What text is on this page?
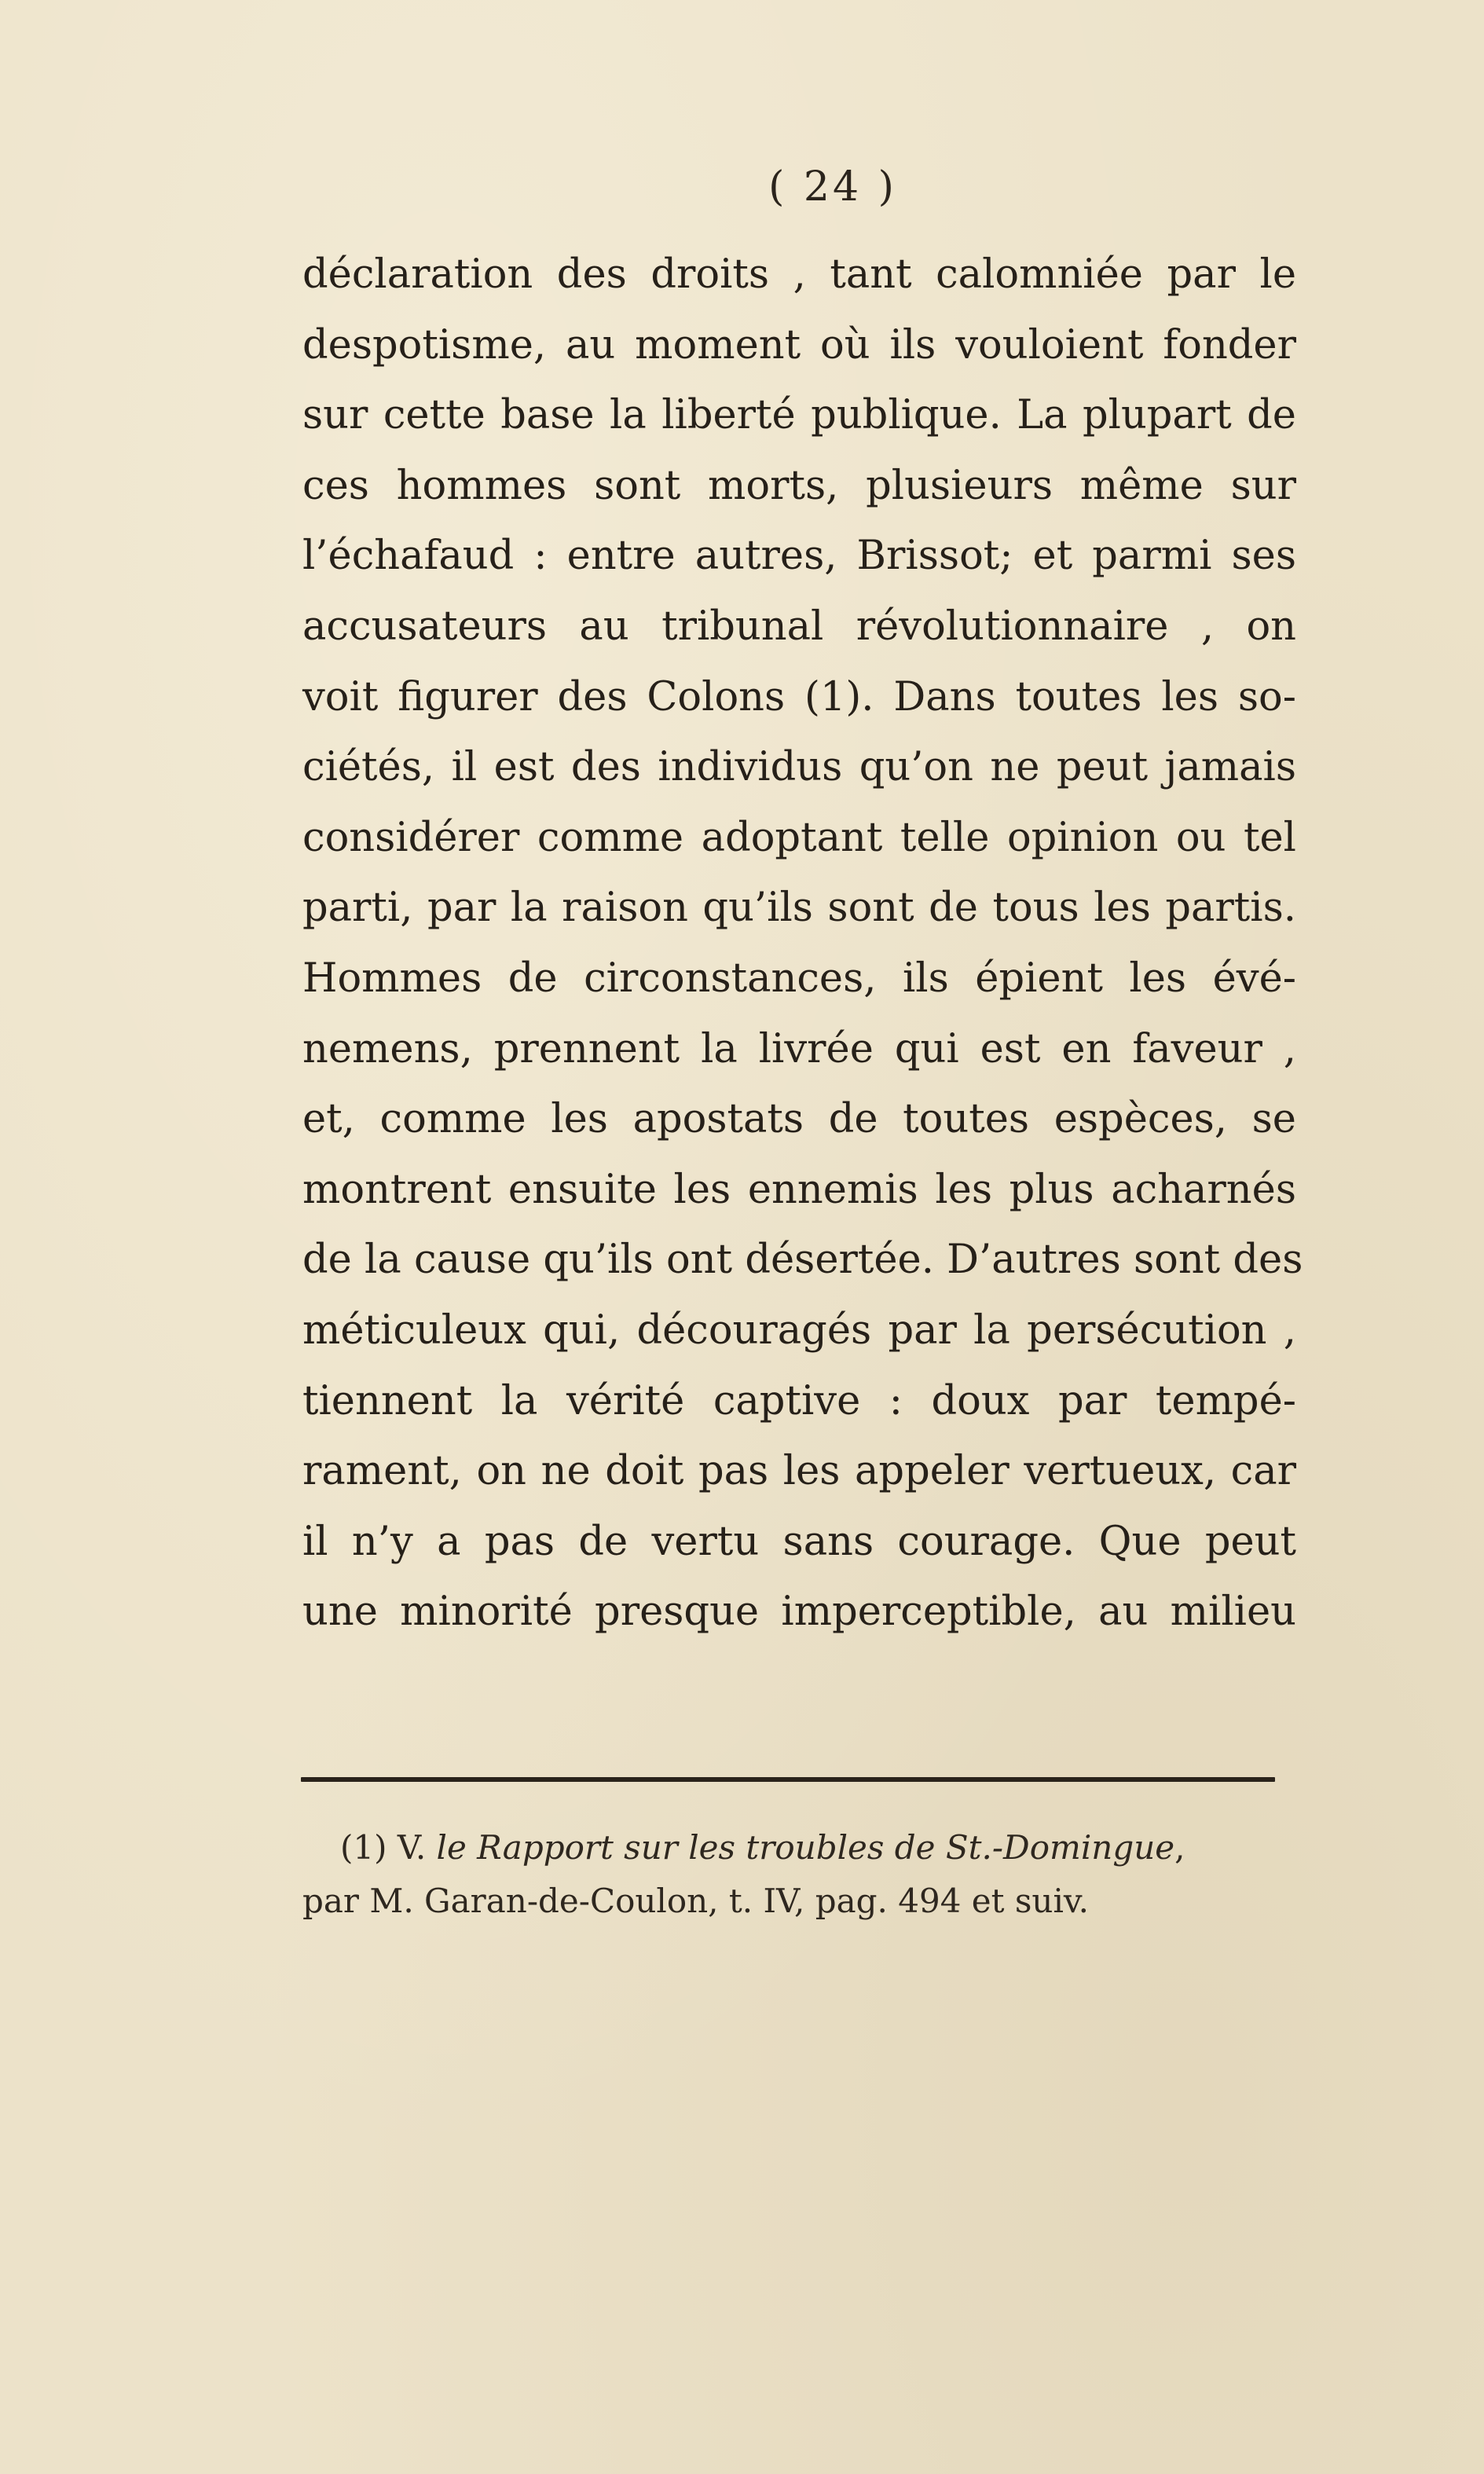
( 24 )
déclaration des droits , tant calomniée par le
despotisme, au moment où ils vouloient fonder
sur cette base la liberté publique. La plupart de
ces hommes sont morts, plusieurs même sur
l’échafaud : entre autres, Brissot; et parmi ses
accusateurs au tribunal révolutionnaire , on
voit figurer des Colons (1). Dans toutes les so-
ciétés, il est des individus qu’on ne peut jamais
considérer comme adoptant telle opinion ou tel
parti, par la raison qu’ils sont de tous les partis.
Hommes de circonstances, ils épient les évé-
nemens, prennent la livrée qui est en faveur ,
et, comme les apostats de toutes espèces, se
montrent ensuite les ennemis les plus acharnés
de la cause qu’ils ont désertée. D’autres sont des
méticuleux qui, découragés par la persécution ,
tiennent la vérité captive : doux par tempé-
rament, on ne doit pas les appeler vertueux, car
il n’y a pas de vertu sans courage. Que peut
une minorité presque imperceptible, au milieu
(1) V. le Rapport sur les troubles de St.-Domingue,
par M. Garan-de-Coulon, t. IV, pag. 494 et suiv.
